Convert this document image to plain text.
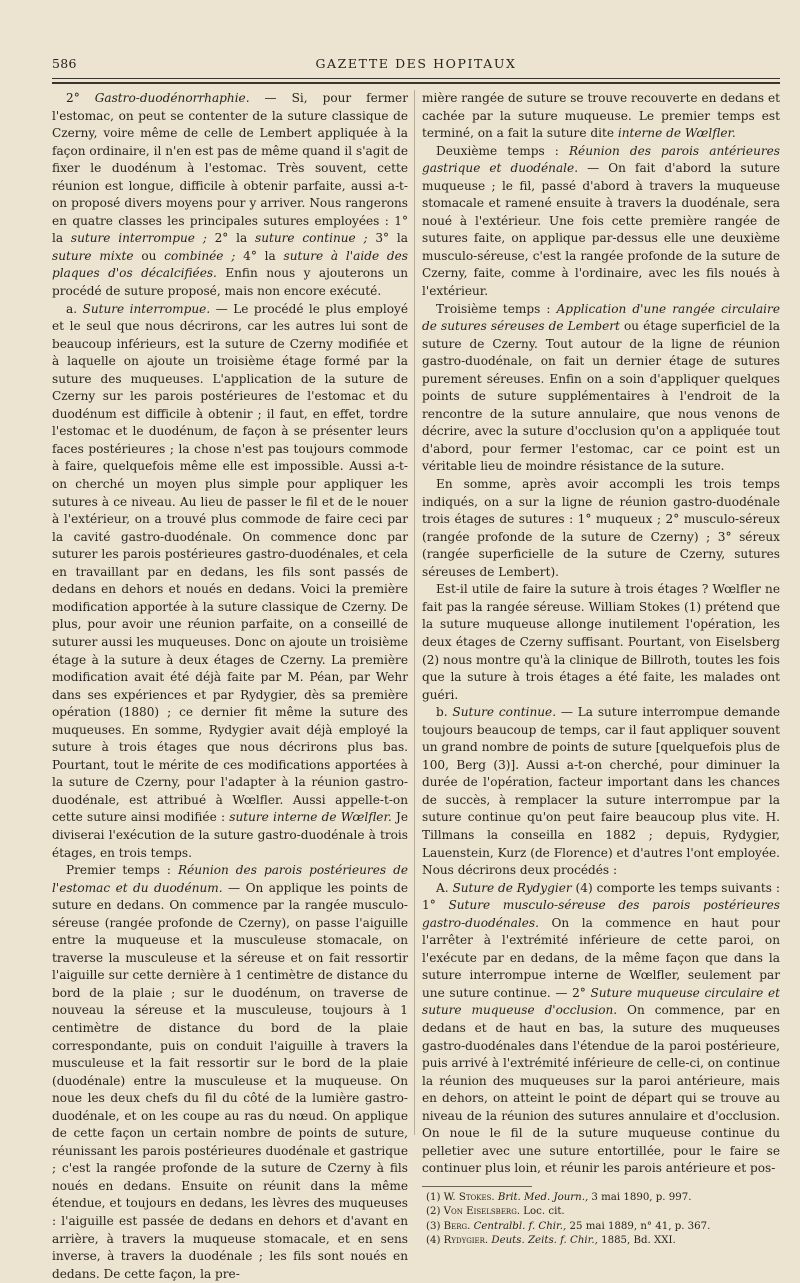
586	GAZETTE DES HOPITAUX

2° Gastro-duodénorrhaphie. — Si, pour fermer l'estomac, on peut se contenter de la suture classique de Czerny, voire même de celle de Lembert appliquée à la façon ordinaire, il n'en est pas de même quand il s'agit de fixer le duodénum à l'estomac. Très souvent, cette réunion est longue, difficile à obtenir parfaite, aussi a-t-on proposé divers moyens pour y arriver. Nous rangerons en quatre classes les principales sutures employées : 1° la suture interrompue ; 2° la suture continue ; 3° la suture mixte ou combinée ; 4° la suture à l'aide des plaques d'os décalcifiées. Enfin nous y ajouterons un procédé de suture proposé, mais non encore exécuté.

a. Suture interrompue. — Le procédé le plus employé et le seul que nous décrirons, car les autres lui sont de beaucoup inférieurs, est la suture de Czerny modifiée et à laquelle on ajoute un troisième étage formé par la suture des muqueuses. L'application de la suture de Czerny sur les parois postérieures de l'estomac et du duodénum est difficile à obtenir ; il faut, en effet, tordre l'estomac et le duodénum, de façon à se présenter leurs faces postérieures ; la chose n'est pas toujours commode à faire, quelquefois même elle est impossible. Aussi a-t-on cherché un moyen plus simple pour appliquer les sutures à ce niveau. Au lieu de passer le fil et de le nouer à l'extérieur, on a trouvé plus commode de faire ceci par la cavité gastro-duodénale. On commence donc par suturer les parois postérieures gastro-duodénales, et cela en travaillant par en dedans, les fils sont passés de dedans en dehors et noués en dedans. Voici la première modification apportée à la suture classique de Czerny. De plus, pour avoir une réunion parfaite, on a conseillé de suturer aussi les muqueuses. Donc on ajoute un troisième étage à la suture à deux étages de Czerny. La première modification avait été déjà faite par M. Péan, par Wehr dans ses expériences et par Rydygier, dès sa première opération (1880) ; ce dernier fit même la suture des muqueuses. En somme, Rydygier avait déjà employé la suture à trois étages que nous décrirons plus bas. Pourtant, tout le mérite de ces modifications apportées à la suture de Czerny, pour l'adapter à la réunion gastro-duodénale, est attribué à Wœlfler. Aussi appelle-t-on cette suture ainsi modifiée : suture interne de Wœlfler. Je diviserai l'exécution de la suture gastro-duodénale à trois étages, en trois temps.

Premier temps : Réunion des parois postérieures de l'estomac et du duodénum. — On applique les points de suture en dedans. On commence par la rangée musculo-séreuse (rangée profonde de Czerny), on passe l'aiguille entre la muqueuse et la musculeuse stomacale, on traverse la musculeuse et la séreuse et on fait ressortir l'aiguille sur cette dernière à 1 centimètre de distance du bord de la plaie ; sur le duodénum, on traverse de nouveau la séreuse et la musculeuse, toujours à 1 centimètre de distance du bord de la plaie correspondante, puis on conduit l'aiguille à travers la musculeuse et la fait ressortir sur le bord de la plaie (duodénale) entre la musculeuse et la muqueuse. On noue les deux chefs du fil du côté de la lumière gastro-duodénale, et on les coupe au ras du nœud. On applique de cette façon un certain nombre de points de suture, réunissant les parois postérieures duodénale et gastrique ; c'est la rangée profonde de la suture de Czerny à fils noués en dedans. Ensuite on réunit dans la même étendue, et toujours en dedans, les lèvres des muqueuses : l'aiguille est passée de dedans en dehors et d'avant en arrière, à travers la muqueuse stomacale, et en sens inverse, à travers la duodénale ; les fils sont noués en dedans. De cette façon, la pre-

mière rangée de suture se trouve recouverte en dedans et cachée par la suture muqueuse. Le premier temps est terminé, on a fait la suture dite interne de Wœlfler.

Deuxième temps : Réunion des parois antérieures gastrique et duodénale. — On fait d'abord la suture muqueuse ; le fil, passé d'abord à travers la muqueuse stomacale et ramené ensuite à travers la duodénale, sera noué à l'extérieur. Une fois cette première rangée de sutures faite, on applique par-dessus elle une deuxième musculo-séreuse, c'est la rangée profonde de la suture de Czerny, faite, comme à l'ordinaire, avec les fils noués à l'extérieur.

Troisième temps : Application d'une rangée circulaire de sutures séreuses de Lembert ou étage superficiel de la suture de Czerny. Tout autour de la ligne de réunion gastro-duodénale, on fait un dernier étage de sutures purement séreuses. Enfin on a soin d'appliquer quelques points de suture supplémentaires à l'endroit de la rencontre de la suture annulaire, que nous venons de décrire, avec la suture d'occlusion qu'on a appliquée tout d'abord, pour fermer l'estomac, car ce point est un véritable lieu de moindre résistance de la suture.

En somme, après avoir accompli les trois temps indiqués, on a sur la ligne de réunion gastro-duodénale trois étages de sutures : 1° muqueux ; 2° musculo-séreux (rangée profonde de la suture de Czerny) ; 3° séreux (rangée superficielle de la suture de Czerny, sutures séreuses de Lembert).

Est-il utile de faire la suture à trois étages ? Wœlfler ne fait pas la rangée séreuse. William Stokes (1) prétend que la suture muqueuse allonge inutilement l'opération, les deux étages de Czerny suffisant. Pourtant, von Eiselsberg (2) nous montre qu'à la clinique de Billroth, toutes les fois que la suture à trois étages a été faite, les malades ont guéri.

b. Suture continue. — La suture interrompue demande toujours beaucoup de temps, car il faut appliquer souvent un grand nombre de points de suture [quelquefois plus de 100, Berg (3)]. Aussi a-t-on cherché, pour diminuer la durée de l'opération, facteur important dans les chances de succès, à remplacer la suture interrompue par la suture continue qu'on peut faire beaucoup plus vite. H. Tillmans la conseilla en 1882 ; depuis, Rydygier, Lauenstein, Kurz (de Florence) et d'autres l'ont employée. Nous décrirons deux procédés :

A. Suture de Rydygier (4) comporte les temps suivants : 1° Suture musculo-séreuse des parois postérieures gastro-duodénales. On la commence en haut pour l'arrêter à l'extrémité inférieure de cette paroi, on l'exécute par en dedans, de la même façon que dans la suture interrompue interne de Wœlfler, seulement par une suture continue. — 2° Suture muqueuse circulaire et suture muqueuse d'occlusion. On commence, par en dedans et de haut en bas, la suture des muqueuses gastro-duodénales dans l'étendue de la paroi postérieure, puis arrivé à l'extrémité inférieure de celle-ci, on continue la réunion des muqueuses sur la paroi antérieure, mais en dehors, on atteint le point de départ qui se trouve au niveau de la réunion des sutures annulaire et d'occlusion. On noue le fil de la suture muqueuse continue du pelletier avec une suture entortillée, pour le faire se continuer plus loin, et réunir les parois antérieure et pos-

(1) W. Stokes. Brit. Med. Journ., 3 mai 1890, p. 997.
(2) Von Eiselsberg. Loc. cit.
(3) Berg. Centralbl. f. Chir., 25 mai 1889, n° 41, p. 367.
(4) Rydygier. Deuts. Zeits. f. Chir., 1885, Bd. XXI.
